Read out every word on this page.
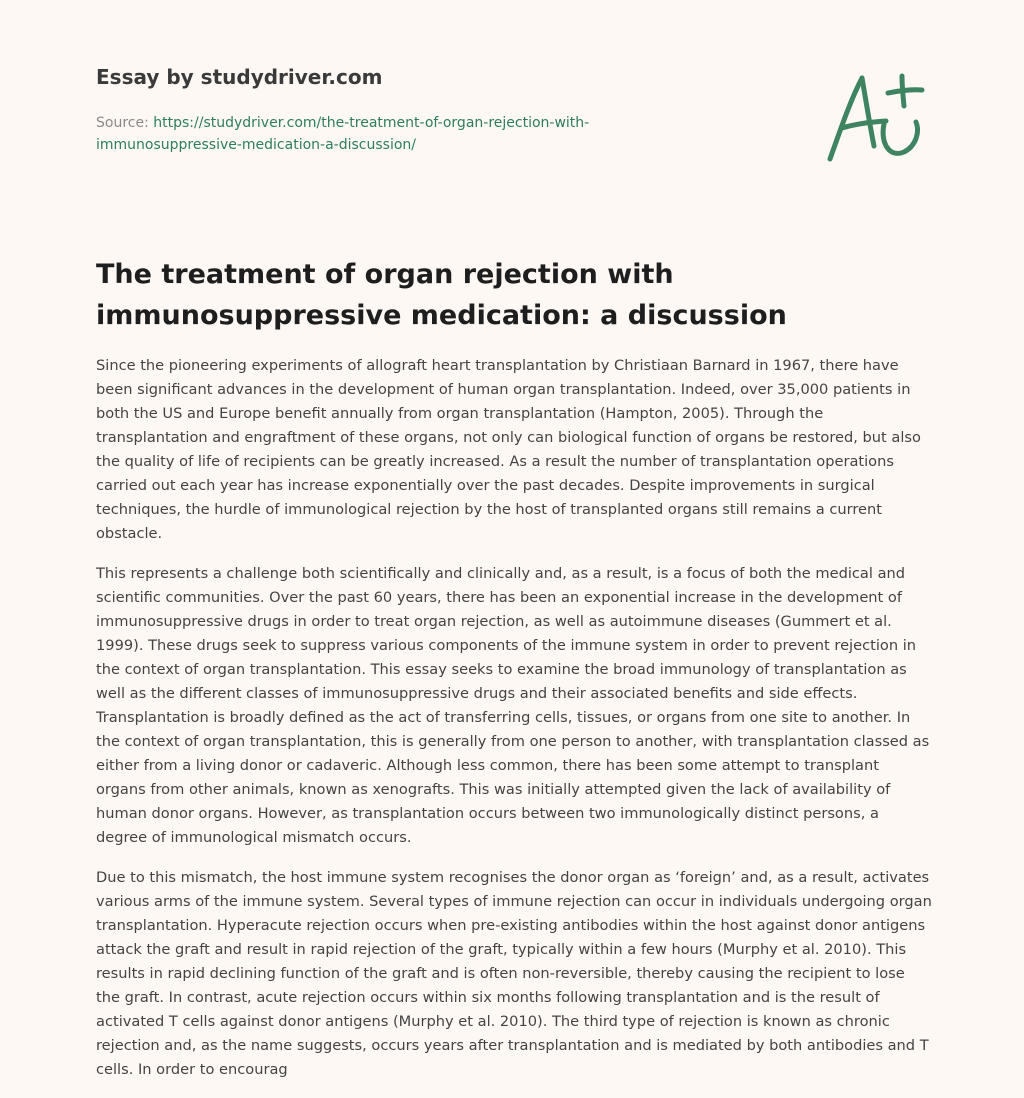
Essay by studydriver.com
Source: https://studydriver.com/the-treatment-of-organ-rejection-with-
immunosuppressive-medication-a-discussion/
The treatment of organ rejection with immunosuppressive medication: a discussion

Since the pioneering experiments of allograft heart transplantation by Christiaan Barnard in 1967, there have been significant advances in the development of human organ transplantation. Indeed, over 35,000 patients in both the US and Europe benefit annually from organ transplantation (Hampton, 2005). Through the transplantation and engraftment of these organs, not only can biological function of organs be restored, but also the quality of life of recipients can be greatly increased. As a result the number of transplantation operations carried out each year has increase exponentially over the past decades. Despite improvements in surgical techniques, the hurdle of immunological rejection by the host of transplanted organs still remains a current obstacle.

This represents a challenge both scientifically and clinically and, as a result, is a focus of both the medical and scientific communities. Over the past 60 years, there has been an exponential increase in the development of immunosuppressive drugs in order to treat organ rejection, as well as autoimmune diseases (Gummert et al. 1999). These drugs seek to suppress various components of the immune system in order to prevent rejection in the context of organ transplantation. This essay seeks to examine the broad immunology of transplantation as well as the different classes of immunosuppressive drugs and their associated benefits and side effects. Transplantation is broadly defined as the act of transferring cells, tissues, or organs from one site to another. In the context of organ transplantation, this is generally from one person to another, with transplantation classed as either from a living donor or cadaveric. Although less common, there has been some attempt to transplant organs from other animals, known as xenografts. This was initially attempted given the lack of availability of human donor organs. However, as transplantation occurs between two immunologically distinct persons, a degree of immunological mismatch occurs.

Due to this mismatch, the host immune system recognises the donor organ as ‘foreign’ and, as a result, activates various arms of the immune system. Several types of immune rejection can occur in individuals undergoing organ transplantation. Hyperacute rejection occurs when pre-existing antibodies within the host against donor antigens attack the graft and result in rapid rejection of the graft, typically within a few hours (Murphy et al. 2010). This results in rapid declining function of the graft and is often non-reversible, thereby causing the recipient to lose the graft. In contrast, acute rejection occurs within six months following transplantation and is the result of activated T cells against donor antigens (Murphy et al. 2010). The third type of rejection is known as chronic rejection and, as the name suggests, occurs years after transplantation and is mediated by both antibodies and T cells. In order to encourag
